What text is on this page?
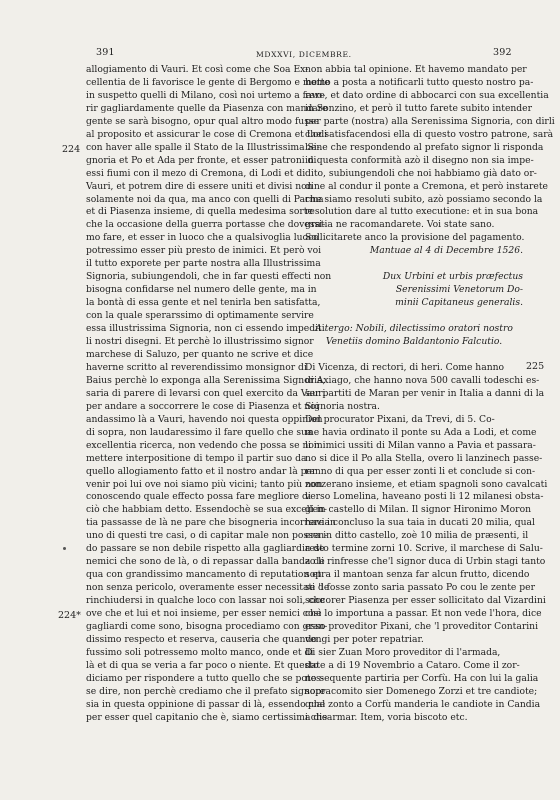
391	MDXXVI, DICEMBRE.	392
224
224*
225
allogiamento di Vauri. Et così come che Soa Ex-
cellentia de li favorisce le gente di Bergomo e mette
in suspetto quelli di Milano, così noi urtemo a favo-
rir gagliardamente quelle da Piasenza con mandare
gente se sarà bisogno, opur qual altro modo fusse
al proposito et assicurar le cose di Cremona et Lodi
con haver alle spalle il Stato de la Illustrissima Si-
gnoria et Po et Ada per fronte, et esser patroni di
essi fiumi con il mezo di Cremona, di Lodi et di
Vauri, et potrem dire di essere uniti et divisi non
solamente noi da qua, ma anco con quelli di Parma
et di Piasenza insieme, di quella medesima sorte
che la occasione della guerra portasse che dovessi-
mo fare, et esser in luoco che a qualsivoglia luoco
potressimo esser più presto de inimici. Et però voi
il tutto exporete per parte nostra alla Illustrissima
Signoria, subiungendoli, che in far questi effecti non
bisogna confidarse nel numero delle gente, ma in
la bontà di essa gente et nel tenirla ben satisfatta,
con la quale sperarssimo di optimamente servire
essa illustrissima Signoria, non ci essendo impediti
li nostri disegni. Et perchè lo illustrissimo signor
marchese di Saluzo, per quanto ne scrive et dice
haverne scritto al reverendissimo monsignor di
Baius perchè lo exponga alla Serenissima Signoria,
saria di parere di levarsi con quel exercito da Vauri
per andare a soccorrere le cose di Piasenza et noi
andassimo là a Vauri, havendo noi questa oppinion
di sopra, non laudaressimo il fare quello che sua
excellentia ricerca, non vedendo che possa se non
mettere interpositione di tempo il partir suo da
quello allogiamento fatto et il nostro andar là per
venir poi lui ove noi siamo più vicini; tanto più non
conoscendo quale effecto possa fare megliore di
ciò che habbiam detto. Essendochè se sua excellen-
tia passasse de là ne pare che bisogneria incorrere in
uno di questi tre casi, o di capitar male non possen-
do passare se non debile rispetto alla gagliardia de
nemici che sono de là, o di repassar dalla banda de
qua con grandissimo mancamento di reputation et
non senza pericolo, overamente esser necessitati de
rinchiudersi in qualche loco con lassar noi soli, che
ove che et lui et noi insieme, per esser nemici così
gagliardi come sono, bisogna procediamo con gran-
dissimo respecto et reserva, causeria che quando
fussimo soli potressemo molto manco, onde et di
là et di qua se veria a far poco o niente. Et questo
diciamo per rispondere a tutto quello che se potes-
se dire, non perchè crediamo che il prefato signore
sia in questa oppinione di passar di là, essendo che
per esser quel capitanio che è, siamo certissimi che
non abbia tal opinione. Et havemo mandato per
homo a posta a notificarli tutto questo nostro pa-
rere, et dato ordine di abbocarci con sua excellentia
in Sonzino, et però il tutto farete subito intender
per parte (nostra) alla Serenissima Signoria, con dirli
che satisfacendosi ella di questo vostro patrone, sarà
bene che respondendo al prefato signor li risponda
in questa conformità azò il disegno non sia impe-
dito, subiungendoli che noi habbiamo già dato or-
dine al condur il ponte a Cremona, et però instarete
che siamo resoluti subito, azò possiamo secondo la
resolution dare al tutto executione: et in sua bona
gratia ne racomandarete. Voi state sano.
Sollicitarete anco la provisione del pagamento.
Mantuae al 4 di Decembre 1526.
Dux Urbini et urbis præfectus
Serenissimi Venetorum Do-
minii Capitaneus generalis.
A tergo: Nobili, dilectissimo oratori nostro
Venetiis domino Baldantonio Falcutio.
Di Vicenza, di rectori, di heri. Come hanno
di Axiago, che hanno nova 500 cavalli todeschi es-
ser partiti de Maran per venir in Italia a danni di la
Signoria nostra.
Del procurator Pixani, da Trevi, di 5. Co-
me havia ordinato il ponte su Ada a Lodi, et come
li inimici ussiti di Milan vanno a Pavia et passara-
no si dice il Po alla Stella, overo li lanzinech passe-
ranno di qua per esser zonti li et conclude si con-
zonzerano insieme, et etiam spagnoli sono cavalcati
verso Lomelina, haveano posti li 12 milanesi obsta-
gi in castello di Milan. Il signor Hironimo Moron
havia concluso la sua taia in ducati 20 milia, qual
era in ditto castello, zoè 10 milia de præsenti, il
resto termine zorni 10. Scrive, il marchese di Salu-
zo li rinfresse che'l signor duca di Urbin stagi tanto
sopra il mantoan senza far alcun frutto, dicendo
se 'l fosse zonto saria passato Po cou le zente per
soccorer Piasenza per esser sollicitato dal Vizardini
che lo importuna a passar. Et non vede l'hora, dice
esso proveditor Pixani, che 'l proveditor Contarini
vengi per poter repatriar.
Di sier Zuan Moro proveditor di l'armada,
date a di 19 Novembrio a Cataro. Come il zor-
no sequente partiria per Corfù. Ha con lui la galia
sopracomito sier Domenego Zorzi et tre candiote;
qual zonto a Corfù manderia le candiote in Candia
a disarmar. Item, voria biscoto etc.
